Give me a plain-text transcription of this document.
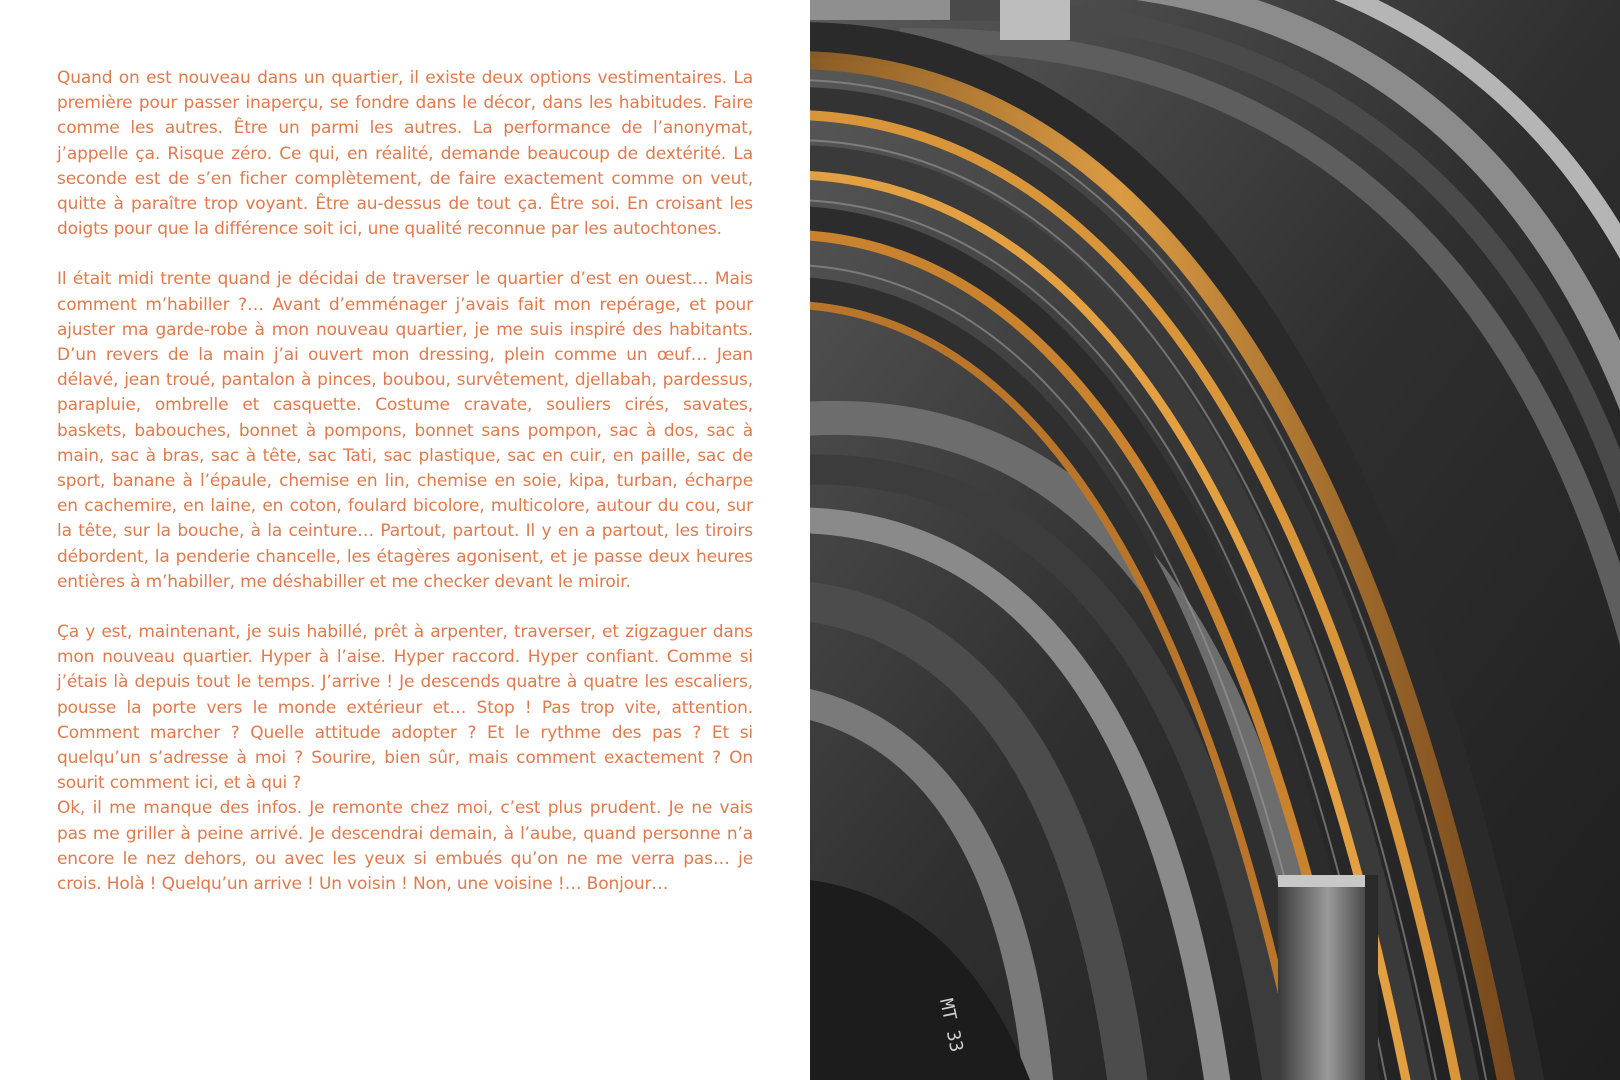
Quand on est nouveau dans un quartier, il existe deux options vestimentaires. La première pour passer inaperçu, se fondre dans le décor, dans les habitudes. Faire comme les autres. Être un parmi les autres. La performance de l’anonymat, j’appelle ça. Risque zéro. Ce qui, en réalité, demande beaucoup de dextérité. La seconde est de s’en ficher complètement, de faire exactement comme on veut, quitte à paraître trop voyant. Être au-dessus de tout ça. Être soi. En croisant les doigts pour que la différence soit ici, une qualité reconnue par les autochtones.

Il était midi trente quand je décidai de traverser le quartier d’est en ouest… Mais comment m’habiller ?… Avant d’emménager j’avais fait mon repérage, et pour ajuster ma garde-robe à mon nouveau quartier, je me suis inspiré des habitants. D’un revers de la main j’ai ouvert mon dressing, plein comme un œuf… Jean délavé, jean troué, pantalon à pinces, boubou, survêtement, djellabah, pardessus, parapluie, ombrelle et casquette. Costume cravate, souliers cirés, savates, baskets, babouches, bonnet à pompons, bonnet sans pompon, sac à dos, sac à main, sac à bras, sac à tête, sac Tati, sac plastique, sac en cuir, en paille, sac de sport, banane à l’épaule, chemise en lin, chemise en soie, kipa, turban, écharpe en cachemire, en laine, en coton, foulard bicolore, multicolore, autour du cou, sur la tête, sur la bouche, à la ceinture… Partout, partout. Il y en a partout, les tiroirs débordent, la penderie chancelle, les étagères agonisent, et je passe deux heures entières à m’habiller, me déshabiller et me checker devant le miroir.

Ça y est, maintenant, je suis habillé, prêt à arpenter, traverser, et zigzaguer dans mon nouveau quartier. Hyper à l’aise. Hyper raccord. Hyper confiant. Comme si j’étais là depuis tout le temps. J’arrive ! Je descends quatre à quatre les escaliers, pousse la porte vers le monde extérieur et… Stop ! Pas trop vite, attention. Comment marcher ? Quelle attitude adopter ? Et le rythme des pas ? Et si quelqu’un s’adresse à moi ? Sourire, bien sûr, mais comment exactement ? On sourit comment ici, et à qui ?

Ok, il me manque des infos. Je remonte chez moi, c’est plus prudent. Je ne vais pas me griller à peine arrivé. Je descendrai demain, à l’aube, quand personne n’a encore le nez dehors, ou avec les yeux si embués qu’on ne me verra pas… je crois. Holà ! Quelqu’un arrive ! Un voisin ! Non, une voisine !… Bonjour…

MT 33
